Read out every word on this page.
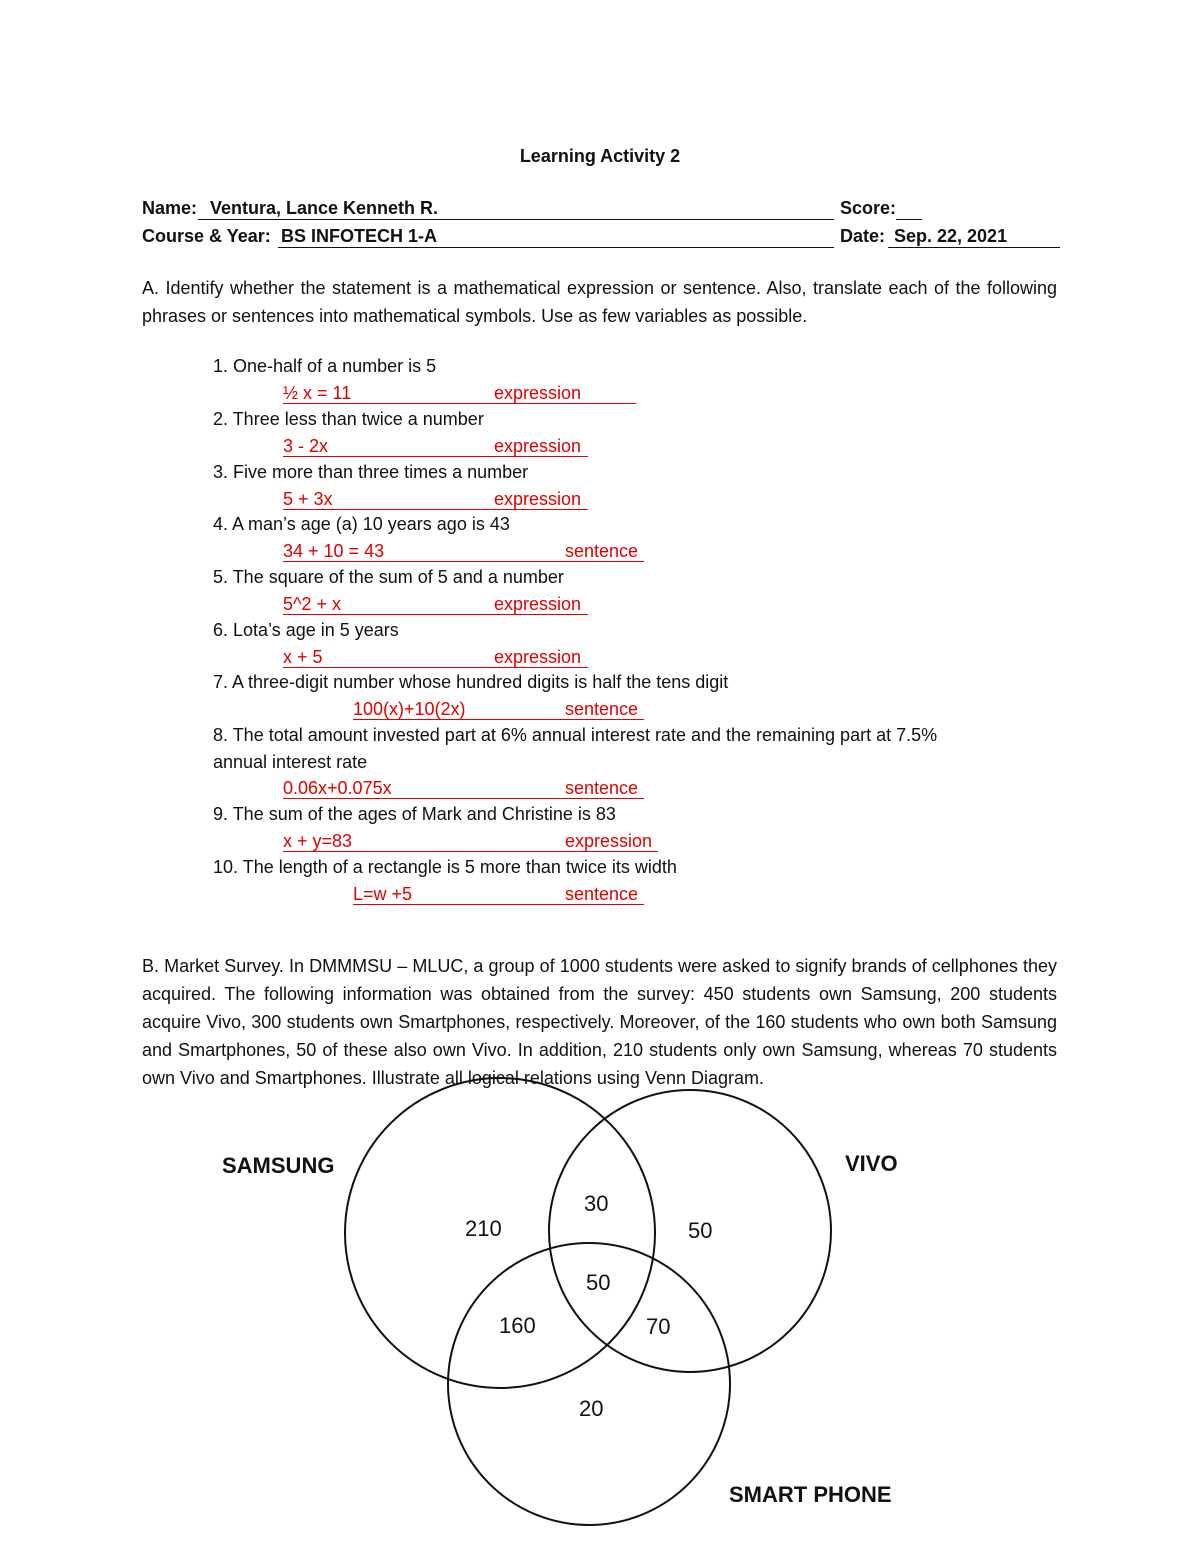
Learning Activity 2
Name: Ventura, Lance Kenneth R.	Score:
Course & Year: BS INFOTECH 1-A	Date: Sep. 22, 2021
A. Identify whether the statement is a mathematical expression or sentence. Also, translate each of the following phrases or sentences into mathematical symbols. Use as few variables as possible.
1. One-half of a number is 5
½ x = 11	expression
2. Three less than twice a number
3 - 2x	expression
3. Five more than three times a number
5 + 3x	expression
4. A man’s age (a) 10 years ago is 43
34 + 10 = 43	sentence
5. The square of the sum of 5 and a number
5^2 + x	expression
6. Lota’s age in 5 years
x + 5	expression
7. A three-digit number whose hundred digits is half the tens digit
100(x)+10(2x)	sentence
8. The total amount invested part at 6% annual interest rate and the remaining part at 7.5%
annual interest rate
0.06x+0.075x	sentence
9. The sum of the ages of Mark and Christine is 83
x + y=83	expression
10. The length of a rectangle is 5 more than twice its width
L=w +5	sentence
B. Market Survey. In DMMMSU – MLUC, a group of 1000 students were asked to signify brands of cellphones they acquired. The following information was obtained from the survey: 450 students own Samsung, 200 students acquire Vivo, 300 students own Smartphones, respectively. Moreover, of the 160 students who own both Samsung and Smartphones, 50 of these also own Vivo. In addition, 210 students only own Samsung, whereas 70 students own Vivo and Smartphones. Illustrate all logical relations using Venn Diagram.
SAMSUNG	VIVO
SMART PHONE
210	50
20
30
160	70
50
